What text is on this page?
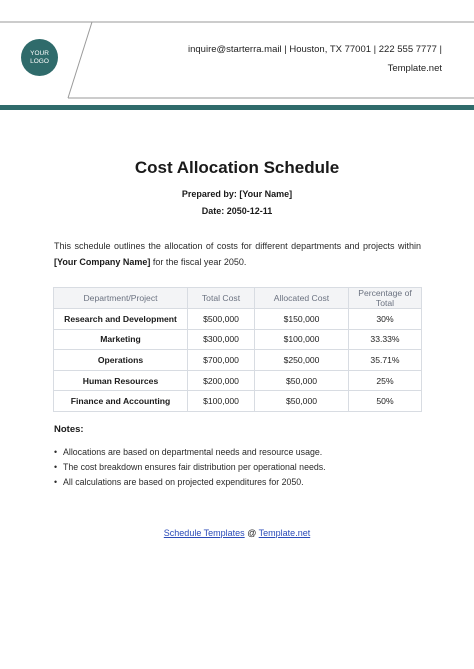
YOUR
LOGO
inquire@starterra.mail | Houston, TX 77001 | 222 555 7777 |
Template.net
Cost Allocation Schedule
Prepared by: [Your Name]
Date: 2050-12-11
This schedule outlines the allocation of costs for different departments and projects within [Your Company Name] for the fiscal year 2050.
Department/Project	Total Cost	Allocated Cost	Percentage of Total
Research and Development	$500,000	$150,000	30%
Marketing	$300,000	$100,000	33.33%
Operations	$700,000	$250,000	35.71%
Human Resources	$200,000	$50,000	25%
Finance and Accounting	$100,000	$50,000	50%
Notes:
• Allocations are based on departmental needs and resource usage.
• The cost breakdown ensures fair distribution per operational needs.
• All calculations are based on projected expenditures for 2050.
Schedule Templates @ Template.net
